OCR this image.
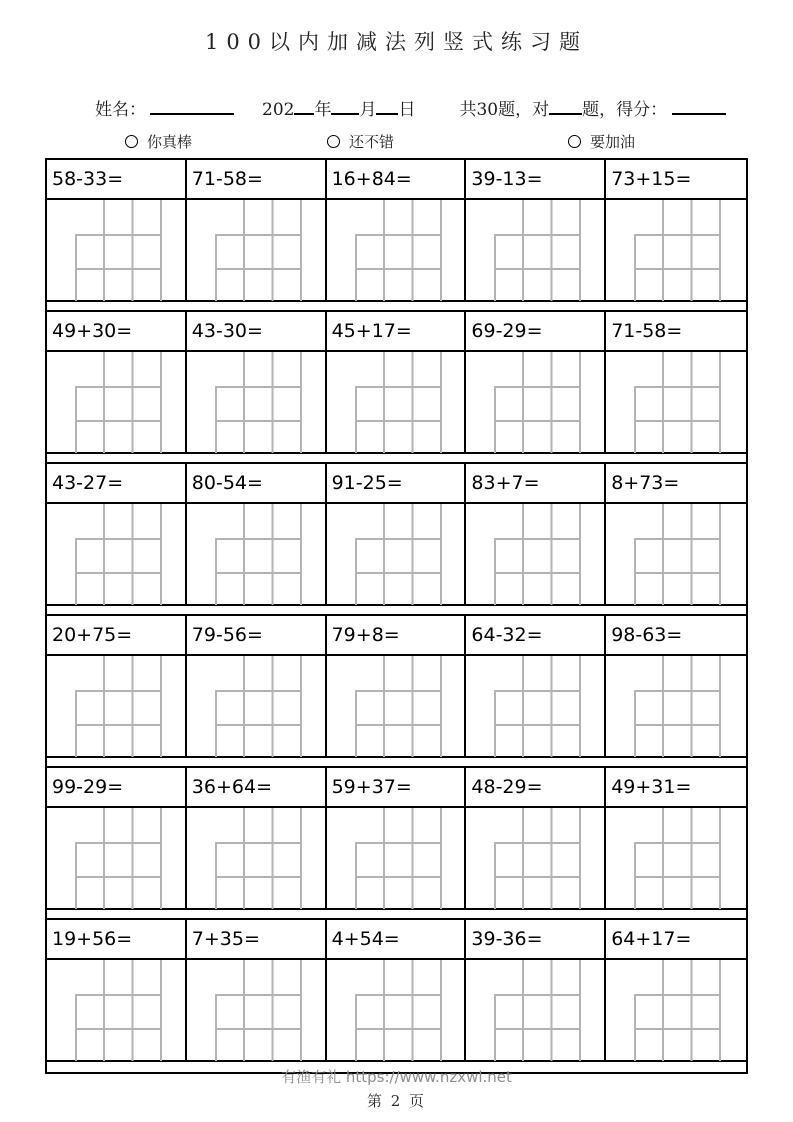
100以内加减法列竖式练习题
姓名：	202 年 月 日	共30题，对 题，得分：
你真棒	还不错	要加油
58-33=	71-58=	16+84=	39-13=	73+15=
49+30=	43-30=	45+17=	69-29=	71-58=
43-27=	80-54=	91-25=	83+7=	8+73=
20+75=	79-56=	79+8=	64-32=	98-63=
99-29=	36+64=	59+37=	48-29=	49+31=
19+56=	7+35=	4+54=	39-36=	64+17=
有渔有礼 https://www.nzxwl.net
第 2 页
